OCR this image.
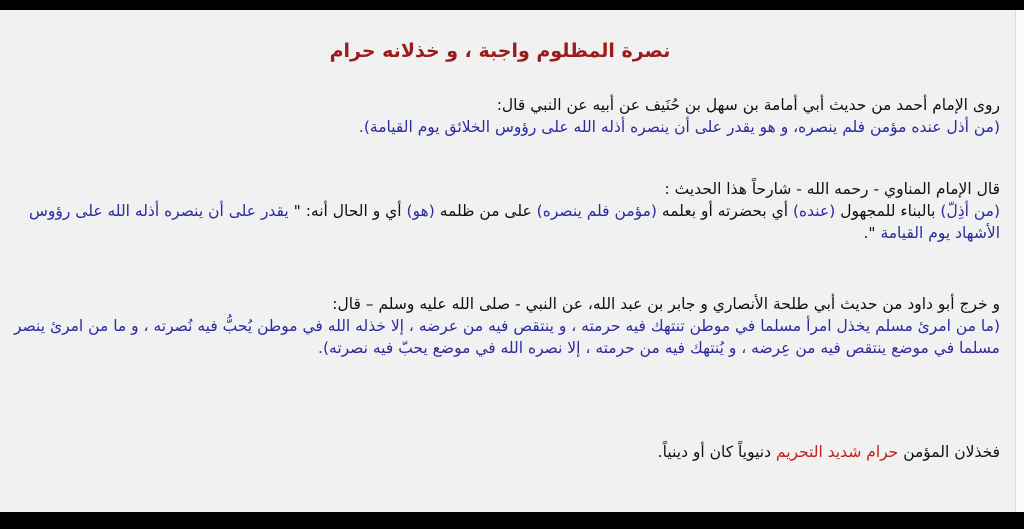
نصرة المظلوم واجبة ، و خذلانه حرام
روى الإمام أحمد من حديث أبي أمامة بن سهل بن حُنَيف عن أبيه عن النبي قال:
(من أذل عنده مؤمن فلم ينصره، و هو يقدر على أن ينصره أذله الله على رؤوس الخلائق يوم القيامة).
قال الإمام المناوي - رحمه الله - شارحاً هذا الحديث :
(من أذِلّ) بالبناء للمجهول (عنده) أي بحضرته أو بعلمه (مؤمن فلم ينصره) على من ظلمه (هو) أي و الحال أنه: " يقدر على أن ينصره أذله الله على رؤوس الأشهاد يوم القيامة ".
و خرج أبو داود من حديث أبي طلحة الأنصاري و جابر بن عبد الله، عن النبي - صلى الله عليه وسلم – قال:
(ما من امرئ مسلم يخذل امرأ مسلما في موطن تنتهك فيه حرمته ، و ينتقص فيه من عرضه ، إلا خذله الله في موطن يُحبُّ فيه نُصرته ، و ما من امرئ ينصر مسلما في موضع ينتقص فيه من عِرضه ، و يُنتهك فيه من حرمته ، إلا نصره الله في موضع يحبّ فيه نصرته).
فخذلان المؤمن حرام شديد التحريم دنيوياً كان أو دينياً.
